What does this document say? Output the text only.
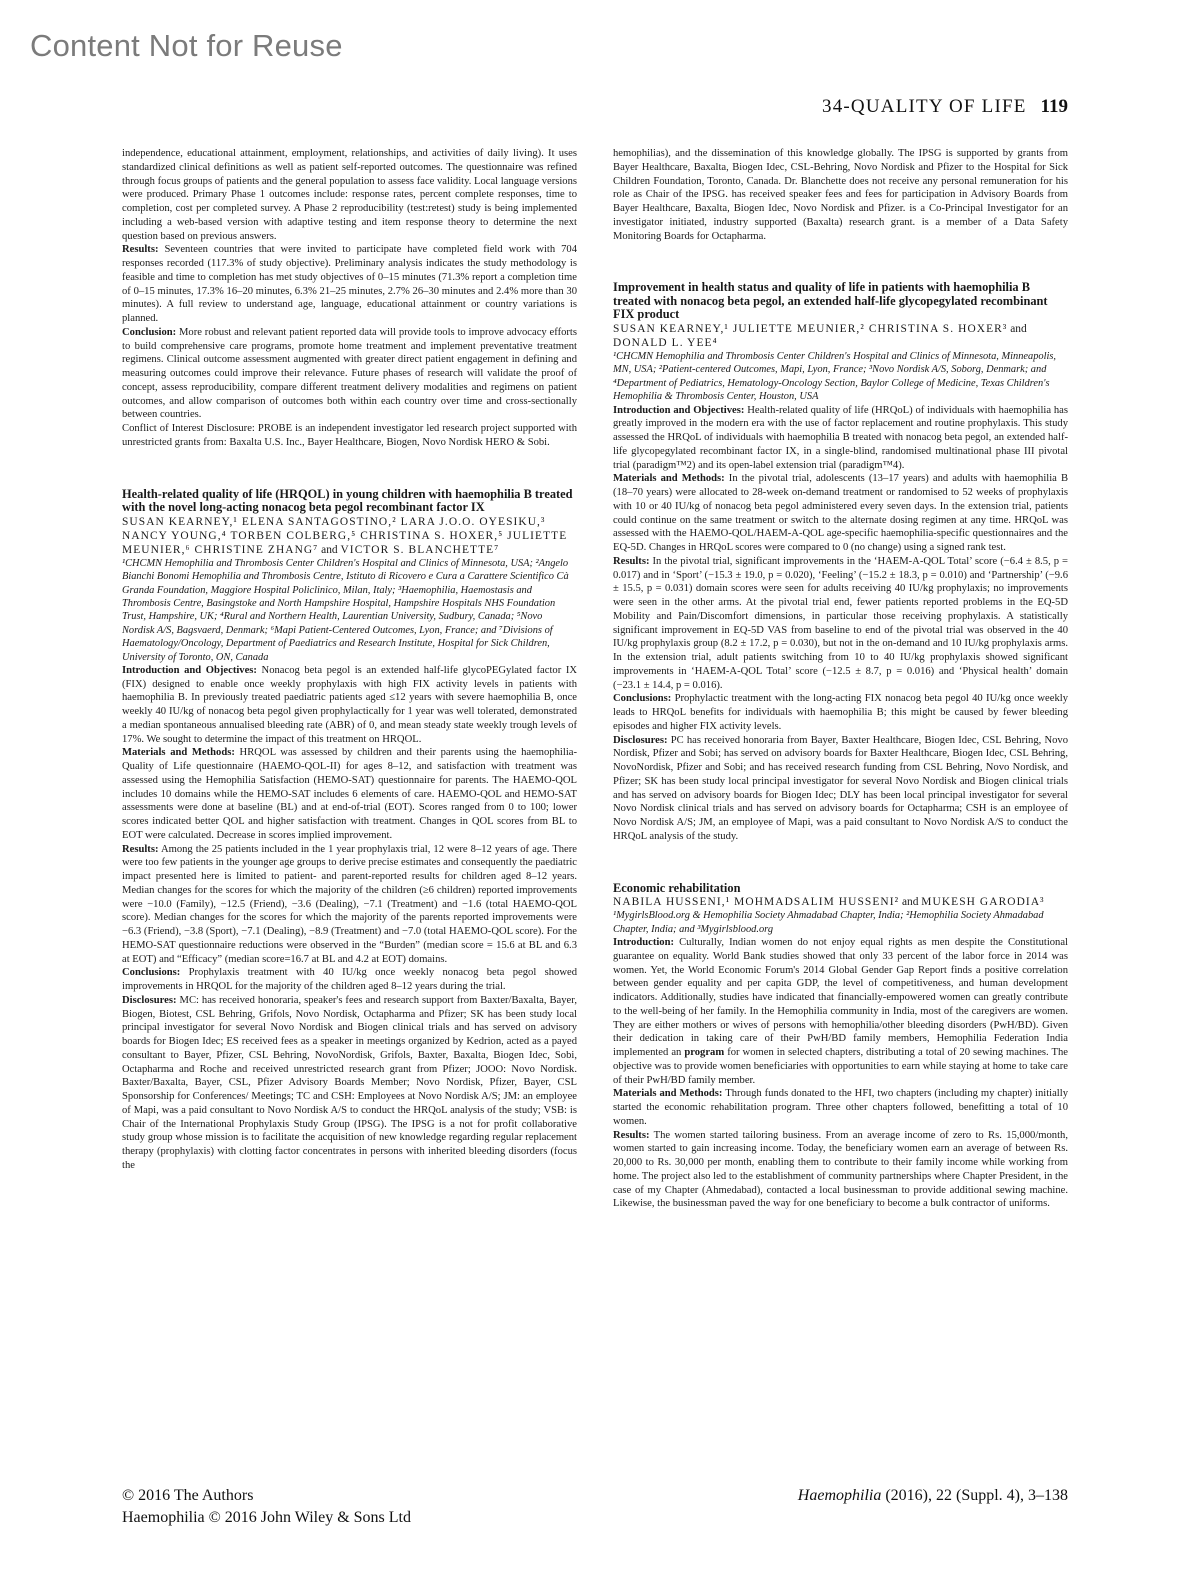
Content Not for Reuse
34-QUALITY OF LIFE 119

independence, educational attainment, employment, relationships, and activities of daily living). It uses standardized clinical definitions as well as patient self-reported outcomes. The questionnaire was refined through focus groups of patients and the general population to assess face validity. Local language versions were produced. Primary Phase 1 outcomes include: response rates, percent complete responses, time to completion, cost per completed survey. A Phase 2 reproducibility (test:retest) study is being implemented including a web-based version with adaptive testing and item response theory to determine the next question based on previous answers.

Results: Seventeen countries that were invited to participate have completed field work with 704 responses recorded (117.3% of study objective). Preliminary analysis indicates the study methodology is feasible and time to completion has met study objectives of 0–15 minutes (71.3% report a completion time of 0–15 minutes, 17.3% 16–20 minutes, 6.3% 21–25 minutes, 2.7% 26–30 minutes and 2.4% more than 30 minutes). A full review to understand age, language, educational attainment or country variations is planned.

Conclusion: More robust and relevant patient reported data will provide tools to improve advocacy efforts to build comprehensive care programs, promote home treatment and implement preventative treatment regimens. Clinical outcome assessment augmented with greater direct patient engagement in defining and measuring outcomes could improve their relevance. Future phases of research will validate the proof of concept, assess reproducibility, compare different treatment delivery modalities and regimens on patient outcomes, and allow comparison of outcomes both within each country over time and cross-sectionally between countries.

Conflict of Interest Disclosure: PROBE is an independent investigator led research project supported with unrestricted grants from: Baxalta U.S. Inc., Bayer Healthcare, Biogen, Novo Nordisk HERO & Sobi.

Health-related quality of life (HRQOL) in young children with haemophilia B treated with the novel long-acting nonacog beta pegol recombinant factor IX

SUSAN KEARNEY,¹ ELENA SANTAGOSTINO,² LARA J.O.O. OYESIKU,³ NANCY YOUNG,⁴ TORBEN COLBERG,⁵ CHRISTINA S. HOXER,⁵ JULIETTE MEUNIER,⁶ CHRISTINE ZHANG⁷ and VICTOR S. BLANCHETTE⁷

¹CHCMN Hemophilia and Thrombosis Center Children's Hospital and Clinics of Minnesota, USA; ²Angelo Bianchi Bonomi Hemophilia and Thrombosis Centre, Istituto di Ricovero e Cura a Carattere Scientifico Cà Granda Foundation, Maggiore Hospital Policlinico, Milan, Italy; ³Haemophilia, Haemostasis and Thrombosis Centre, Basingstoke and North Hampshire Hospital, Hampshire Hospitals NHS Foundation Trust, Hampshire, UK; ⁴Rural and Northern Health, Laurentian University, Sudbury, Canada; ⁵Novo Nordisk A/S, Bagsvaerd, Denmark; ⁶Mapi Patient-Centered Outcomes, Lyon, France; and ⁷Divisions of Haematology/Oncology, Department of Paediatrics and Research Institute, Hospital for Sick Children, University of Toronto, ON, Canada

Introduction and Objectives: Nonacog beta pegol is an extended half-life glycoPEGylated factor IX (FIX) designed to enable once weekly prophylaxis with high FIX activity levels in patients with haemophilia B. In previously treated paediatric patients aged ≤12 years with severe haemophilia B, once weekly 40 IU/kg of nonacog beta pegol given prophylactically for 1 year was well tolerated, demonstrated a median spontaneous annualised bleeding rate (ABR) of 0, and mean steady state weekly trough levels of 17%. We sought to determine the impact of this treatment on HRQOL.

Materials and Methods: HRQOL was assessed by children and their parents using the haemophilia-Quality of Life questionnaire (HAEMO-QOL-II) for ages 8–12, and satisfaction with treatment was assessed using the Hemophilia Satisfaction (HEMO-SAT) questionnaire for parents. The HAEMO-QOL includes 10 domains while the HEMO-SAT includes 6 elements of care. HAEMO-QOL and HEMO-SAT assessments were done at baseline (BL) and at end-of-trial (EOT). Scores ranged from 0 to 100; lower scores indicated better QOL and higher satisfaction with treatment. Changes in QOL scores from BL to EOT were calculated. Decrease in scores implied improvement.

Results: Among the 25 patients included in the 1 year prophylaxis trial, 12 were 8–12 years of age. There were too few patients in the younger age groups to derive precise estimates and consequently the paediatric impact presented here is limited to patient- and parent-reported results for children aged 8–12 years. Median changes for the scores for which the majority of the children (≥6 children) reported improvements were −10.0 (Family), −12.5 (Friend), −3.6 (Dealing), −7.1 (Treatment) and −1.6 (total HAEMO-QOL score). Median changes for the scores for which the majority of the parents reported improvements were −6.3 (Friend), −3.8 (Sport), −7.1 (Dealing), −8.9 (Treatment) and −7.0 (total HAEMO-QOL score). For the HEMO-SAT questionnaire reductions were observed in the “Burden” (median score = 15.6 at BL and 6.3 at EOT) and “Efficacy” (median score=16.7 at BL and 4.2 at EOT) domains.

Conclusions: Prophylaxis treatment with 40 IU/kg once weekly nonacog beta pegol showed improvements in HRQOL for the majority of the children aged 8–12 years during the trial.

Disclosures: MC: has received honoraria, speaker's fees and research support from Baxter/Baxalta, Bayer, Biogen, Biotest, CSL Behring, Grifols, Novo Nordisk, Octapharma and Pfizer; SK has been study local principal investigator for several Novo Nordisk and Biogen clinical trials and has served on advisory boards for Biogen Idec; ES received fees as a speaker in meetings organized by Kedrion, acted as a payed consultant to Bayer, Pfizer, CSL Behring, NovoNordisk, Grifols, Baxter, Baxalta, Biogen Idec, Sobi, Octapharma and Roche and received unrestricted research grant from Pfizer; JOOO: Novo Nordisk. Baxter/Baxalta, Bayer, CSL, Pfizer Advisory Boards Member; Novo Nordisk, Pfizer, Bayer, CSL Sponsorship for Conferences/ Meetings; TC and CSH: Employees at Novo Nordisk A/S; JM: an employee of Mapi, was a paid consultant to Novo Nordisk A/S to conduct the HRQoL analysis of the study; VSB: is Chair of the International Prophylaxis Study Group (IPSG). The IPSG is a not for profit collaborative study group whose mission is to facilitate the acquisition of new knowledge regarding regular replacement therapy (prophylaxis) with clotting factor concentrates in persons with inherited bleeding disorders (focus the

hemophilias), and the dissemination of this knowledge globally. The IPSG is supported by grants from Bayer Healthcare, Baxalta, Biogen Idec, CSL-Behring, Novo Nordisk and Pfizer to the Hospital for Sick Children Foundation, Toronto, Canada. Dr. Blanchette does not receive any personal remuneration for his role as Chair of the IPSG. has received speaker fees and fees for participation in Advisory Boards from Bayer Healthcare, Baxalta, Biogen Idec, Novo Nordisk and Pfizer. is a Co-Principal Investigator for an investigator initiated, industry supported (Baxalta) research grant. is a member of a Data Safety Monitoring Boards for Octapharma.

Improvement in health status and quality of life in patients with haemophilia B treated with nonacog beta pegol, an extended half-life glycopegylated recombinant FIX product

SUSAN KEARNEY,¹ JULIETTE MEUNIER,² CHRISTINA S. HOXER³ and DONALD L. YEE⁴

¹CHCMN Hemophilia and Thrombosis Center Children's Hospital and Clinics of Minnesota, Minneapolis, MN, USA; ²Patient-centered Outcomes, Mapi, Lyon, France; ³Novo Nordisk A/S, Soborg, Denmark; and ⁴Department of Pediatrics, Hematology-Oncology Section, Baylor College of Medicine, Texas Children's Hemophilia & Thrombosis Center, Houston, USA

Introduction and Objectives: Health-related quality of life (HRQoL) of individuals with haemophilia has greatly improved in the modern era with the use of factor replacement and routine prophylaxis. This study assessed the HRQoL of individuals with haemophilia B treated with nonacog beta pegol, an extended half-life glycopegylated recombinant factor IX, in a single-blind, randomised multinational phase III pivotal trial (paradigm™2) and its open-label extension trial (paradigm™4).

Materials and Methods: In the pivotal trial, adolescents (13–17 years) and adults with haemophilia B (18–70 years) were allocated to 28-week on-demand treatment or randomised to 52 weeks of prophylaxis with 10 or 40 IU/kg of nonacog beta pegol administered every seven days. In the extension trial, patients could continue on the same treatment or switch to the alternate dosing regimen at any time. HRQoL was assessed with the HAEMO-QOL/HAEM-A-QOL age-specific haemophilia-specific questionnaires and the EQ-5D. Changes in HRQoL scores were compared to 0 (no change) using a signed rank test.

Results: In the pivotal trial, significant improvements in the ‘HAEM-A-QOL Total’ score (−6.4 ± 8.5, p = 0.017) and in ‘Sport’ (−15.3 ± 19.0, p = 0.020), ‘Feeling’ (−15.2 ± 18.3, p = 0.010) and ‘Partnership’ (−9.6 ± 15.5, p = 0.031) domain scores were seen for adults receiving 40 IU/kg prophylaxis; no improvements were seen in the other arms. At the pivotal trial end, fewer patients reported problems in the EQ-5D Mobility and Pain/Discomfort dimensions, in particular those receiving prophylaxis. A statistically significant improvement in EQ-5D VAS from baseline to end of the pivotal trial was observed in the 40 IU/kg prophylaxis group (8.2 ± 17.2, p = 0.030), but not in the on-demand and 10 IU/kg prophylaxis arms. In the extension trial, adult patients switching from 10 to 40 IU/kg prophylaxis showed significant improvements in ‘HAEM-A-QOL Total’ score (−12.5 ± 8.7, p = 0.016) and ‘Physical health’ domain (−23.1 ± 14.4, p = 0.016).

Conclusions: Prophylactic treatment with the long-acting FIX nonacog beta pegol 40 IU/kg once weekly leads to HRQoL benefits for individuals with haemophilia B; this might be caused by fewer bleeding episodes and higher FIX activity levels.

Disclosures: PC has received honoraria from Bayer, Baxter Healthcare, Biogen Idec, CSL Behring, Novo Nordisk, Pfizer and Sobi; has served on advisory boards for Baxter Healthcare, Biogen Idec, CSL Behring, NovoNordisk, Pfizer and Sobi; and has received research funding from CSL Behring, Novo Nordisk, and Pfizer; SK has been study local principal investigator for several Novo Nordisk and Biogen clinical trials and has served on advisory boards for Biogen Idec; DLY has been local principal investigator for several Novo Nordisk clinical trials and has served on advisory boards for Octapharma; CSH is an employee of Novo Nordisk A/S; JM, an employee of Mapi, was a paid consultant to Novo Nordisk A/S to conduct the HRQoL analysis of the study.

Economic rehabilitation

NABILA HUSSENI,¹ MOHMADSALIM HUSSENI² and MUKESH GARODIA³

¹MygirlsBlood.org & Hemophilia Society Ahmadabad Chapter, India; ²Hemophilia Society Ahmadabad Chapter, India; and ³Mygirlsblood.org

Introduction: Culturally, Indian women do not enjoy equal rights as men despite the Constitutional guarantee on equality. World Bank studies showed that only 33 percent of the labor force in 2014 was women. Yet, the World Economic Forum's 2014 Global Gender Gap Report finds a positive correlation between gender equality and per capita GDP, the level of competitiveness, and human development indicators. Additionally, studies have indicated that financially-empowered women can greatly contribute to the well-being of her family. In the Hemophilia community in India, most of the caregivers are women. They are either mothers or wives of persons with hemophilia/other bleeding disorders (PwH/BD). Given their dedication in taking care of their PwH/BD family members, Hemophilia Federation India implemented an program for women in selected chapters, distributing a total of 20 sewing machines. The objective was to provide women beneficiaries with opportunities to earn while staying at home to take care of their PwH/BD family member.

Materials and Methods: Through funds donated to the HFI, two chapters (including my chapter) initially started the economic rehabilitation program. Three other chapters followed, benefitting a total of 10 women.

Results: The women started tailoring business. From an average income of zero to Rs. 15,000/month, women started to gain increasing income. Today, the beneficiary women earn an average of between Rs. 20,000 to Rs. 30,000 per month, enabling them to contribute to their family income while working from home. The project also led to the establishment of community partnerships where Chapter President, in the case of my Chapter (Ahmedabad), contacted a local businessman to provide additional sewing machine. Likewise, the businessman paved the way for one beneficiary to become a bulk contractor of uniforms.

© 2016 The Authors
Haemophilia © 2016 John Wiley & Sons Ltd
Haemophilia (2016), 22 (Suppl. 4), 3–138
